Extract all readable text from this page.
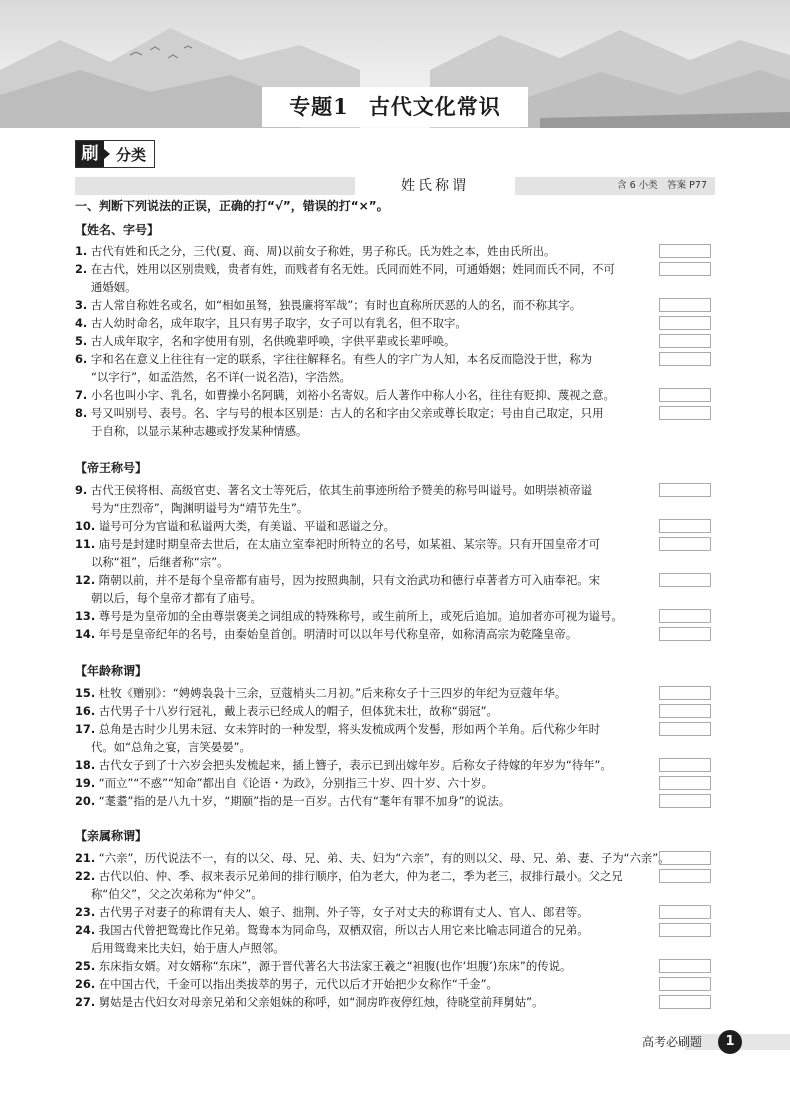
专题1 古代文化常识
刷	分类
姓氏称谓	含 6 小类　答案 P77
一、判断下列说法的正误，正确的打“√”，错误的打“×”。
【姓名、字号】
【帝王称号】
【年龄称谓】
【亲属称谓】
1. 古代有姓和氏之分，三代(夏、商、周)以前女子称姓，男子称氏。氏为姓之本，姓由氏所出。
2. 在古代，姓用以区别贵贱，贵者有姓，而贱者有名无姓。氏同而姓不同，可通婚姻；姓同而氏不同，不可
通婚姻。
3. 古人常自称姓名或名，如“相如虽驽，独畏廉将军哉”；有时也直称所厌恶的人的名，而不称其字。
4. 古人幼时命名，成年取字，且只有男子取字，女子可以有乳名，但不取字。
5. 古人成年取字，名和字使用有别，名供晚辈呼唤，字供平辈或长辈呼唤。
6. 字和名在意义上往往有一定的联系，字往往解释名。有些人的字广为人知，本名反而隐没于世，称为
“以字行”，如孟浩然，名不详(一说名浩)，字浩然。
7. 小名也叫小字、乳名，如曹操小名阿瞒，刘裕小名寄奴。后人著作中称人小名，往往有贬抑、蔑视之意。
8. 号又叫别号、表号。名、字与号的根本区别是：古人的名和字由父亲或尊长取定；号由自己取定，只用
于自称，以显示某种志趣或抒发某种情感。
9. 古代王侯将相、高级官吏、著名文士等死后，依其生前事迹所给予赞美的称号叫谥号。如明崇祯帝谥
号为“庄烈帝”，陶渊明谥号为“靖节先生”。
10. 谥号可分为官谥和私谥两大类，有美谥、平谥和恶谥之分。
11. 庙号是封建时期皇帝去世后，在太庙立室奉祀时所特立的名号，如某祖、某宗等。只有开国皇帝才可
以称“祖”，后继者称“宗”。
12. 隋朝以前，并不是每个皇帝都有庙号，因为按照典制，只有文治武功和德行卓著者方可入庙奉祀。宋
朝以后，每个皇帝才都有了庙号。
13. 尊号是为皇帝加的全由尊崇褒美之词组成的特殊称号，或生前所上，或死后追加。追加者亦可视为谥号。
14. 年号是皇帝纪年的名号，由秦始皇首创。明清时可以以年号代称皇帝，如称清高宗为乾隆皇帝。
15. 杜牧《赠别》：“娉娉袅袅十三余，豆蔻梢头二月初。”后来称女子十三四岁的年纪为豆蔻年华。
16. 古代男子十八岁行冠礼，戴上表示已经成人的帽子，但体犹未壮，故称“弱冠”。
17. 总角是古时少儿男未冠、女未笄时的一种发型，将头发梳成两个发髻，形如两个羊角。后代称少年时
代。如“总角之宴，言笑晏晏”。
18. 古代女子到了十六岁会把头发梳起来，插上簪子，表示已到出嫁年岁。后称女子待嫁的年岁为“待年”。
19. “而立”“不惑”“知命”都出自《论语・为政》，分别指三十岁、四十岁、六十岁。
20. “耄耋”指的是八九十岁，“期颐”指的是一百岁。古代有“耄年有罪不加身”的说法。
21. “六亲”，历代说法不一，有的以父、母、兄、弟、夫、妇为“六亲”，有的则以父、母、兄、弟、妻、子为“六亲”。
22. 古代以伯、仲、季、叔来表示兄弟间的排行顺序，伯为老大，仲为老二，季为老三，叔排行最小。父之兄
称“伯父”，父之次弟称为“仲父”。
23. 古代男子对妻子的称谓有夫人、娘子、拙荆、外子等，女子对丈夫的称谓有丈人、官人、郎君等。
24. 我国古代曾把鸳鸯比作兄弟。鸳鸯本为同命鸟，双栖双宿，所以古人用它来比喻志同道合的兄弟。
后用鸳鸯来比夫妇，始于唐人卢照邻。
25. 东床指女婿。对女婿称“东床”，源于晋代著名大书法家王羲之“袒腹(也作‘坦腹’)东床”的传说。
26. 在中国古代，千金可以指出类拔萃的男子，元代以后才开始把少女称作“千金”。
27. 舅姑是古代妇女对母亲兄弟和父亲姐妹的称呼，如“洞房昨夜停红烛，待晓堂前拜舅姑”。
高考必刷题	1
